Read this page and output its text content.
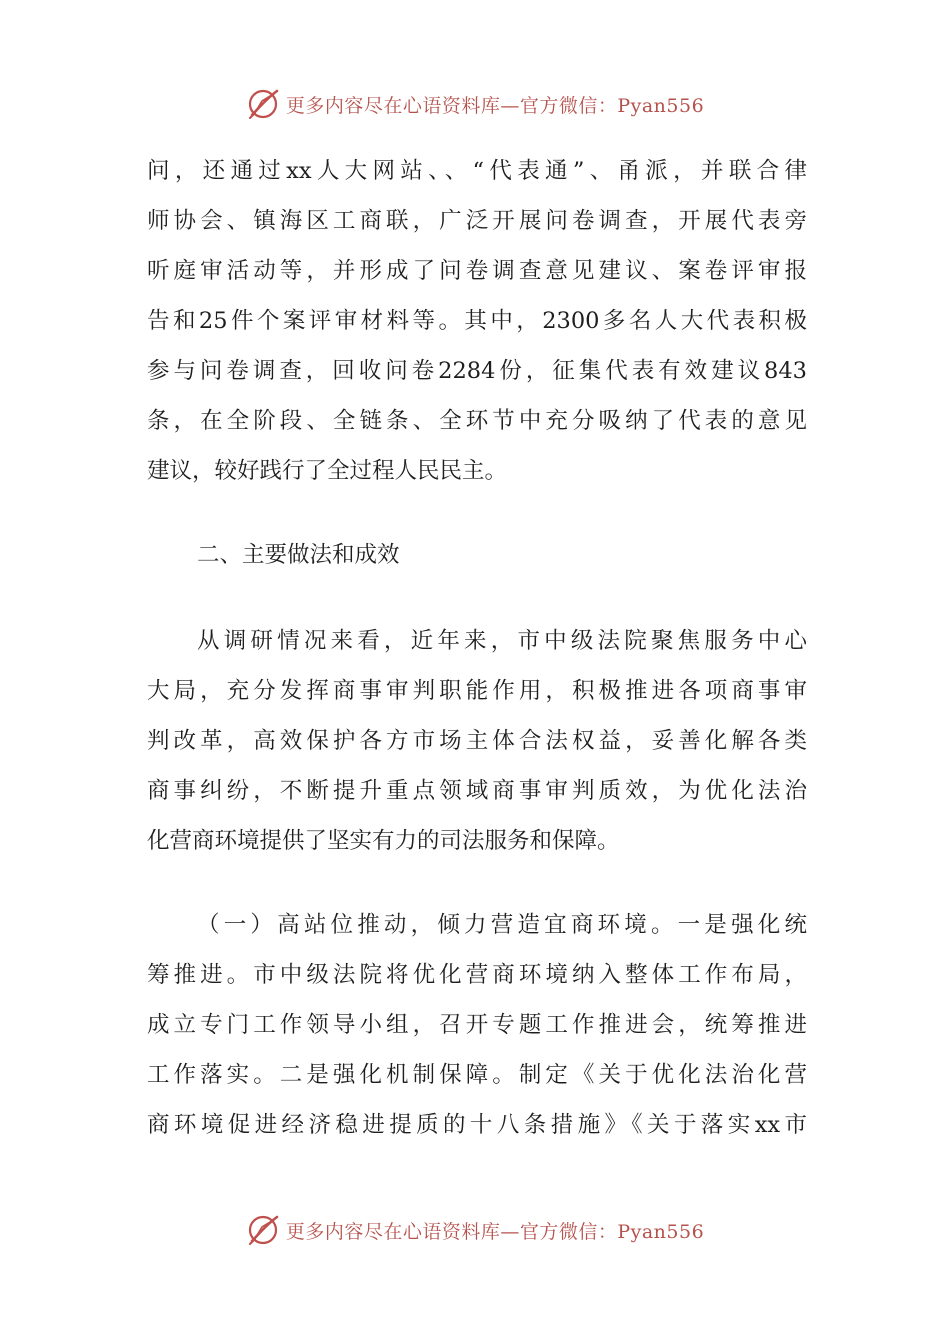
更多内容尽在心语资料库—官方微信：Pyan556
问，还通过xx人大网站、、“代表通”、甬派，并联合律
师协会、镇海区工商联，广泛开展问卷调查，开展代表旁
听庭审活动等，并形成了问卷调查意见建议、案卷评审报
告和25件个案评审材料等。其中，2300多名人大代表积极
参与问卷调查，回收问卷2284份，征集代表有效建议843
条，在全阶段、全链条、全环节中充分吸纳了代表的意见
建议，较好践行了全过程人民民主。
二、主要做法和成效
从调研情况来看，近年来，市中级法院聚焦服务中心
大局，充分发挥商事审判职能作用，积极推进各项商事审
判改革，高效保护各方市场主体合法权益，妥善化解各类
商事纠纷，不断提升重点领域商事审判质效，为优化法治
化营商环境提供了坚实有力的司法服务和保障。
（一）高站位推动，倾力营造宜商环境。一是强化统
筹推进。市中级法院将优化营商环境纳入整体工作布局，
成立专门工作领导小组，召开专题工作推进会，统筹推进
工作落实。二是强化机制保障。制定《关于优化法治化营
商环境促进经济稳进提质的十八条措施》《关于落实xx市
更多内容尽在心语资料库—官方微信：Pyan556
